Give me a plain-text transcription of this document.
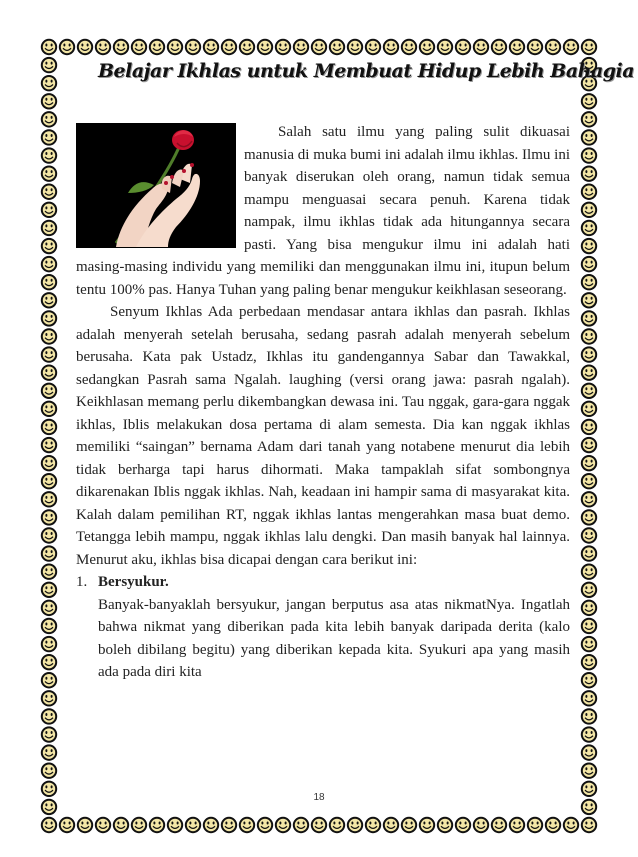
Belajar Ikhlas untuk Membuat Hidup Lebih Bahagia

Salah satu ilmu yang paling sulit dikuasai manusia di muka bumi ini adalah ilmu ikhlas. Ilmu ini banyak diserukan oleh orang, namun tidak semua mampu menguasai secara penuh. Karena tidak nampak, ilmu ikhlas tidak ada hitungannya secara pasti. Yang bisa mengukur ilmu ini adalah hati masing-masing individu yang memiliki dan menggunakan ilmu ini, itupun belum tentu 100% pas. Hanya Tuhan yang paling benar mengukur keikhlasan seseorang.

Senyum Ikhlas Ada perbedaan mendasar antara ikhlas dan pasrah. Ikhlas adalah menyerah setelah berusaha, sedang pasrah adalah menyerah sebelum berusaha. Kata pak Ustadz, Ikhlas itu gandengannya Sabar dan Tawakkal, sedangkan Pasrah sama Ngalah. laughing (versi orang jawa: pasrah ngalah). Keikhlasan memang perlu dikembangkan dewasa ini. Tau nggak, gara-gara nggak ikhlas, Iblis melakukan dosa pertama di alam semesta. Dia kan nggak ikhlas memiliki “saingan” bernama Adam dari tanah yang notabene menurut dia lebih tidak berharga tapi harus dihormati. Maka tampaklah sifat sombongnya dikarenakan Iblis nggak ikhlas. Nah, keadaan ini hampir sama di masyarakat kita. Kalah dalam pemilihan RT, nggak ikhlas lantas mengerahkan masa buat demo. Tetangga lebih mampu, nggak ikhlas lalu dengki. Dan masih banyak hal lainnya. Menurut aku, ikhlas bisa dicapai dengan cara berikut ini:

1. Bersyukur.
Banyak-banyaklah bersyukur, jangan berputus asa atas nikmatNya. Ingatlah bahwa nikmat yang diberikan pada kita lebih banyak daripada derita (kalo boleh dibilang begitu) yang diberikan kepada kita. Syukuri apa yang masih ada pada diri kita
18
